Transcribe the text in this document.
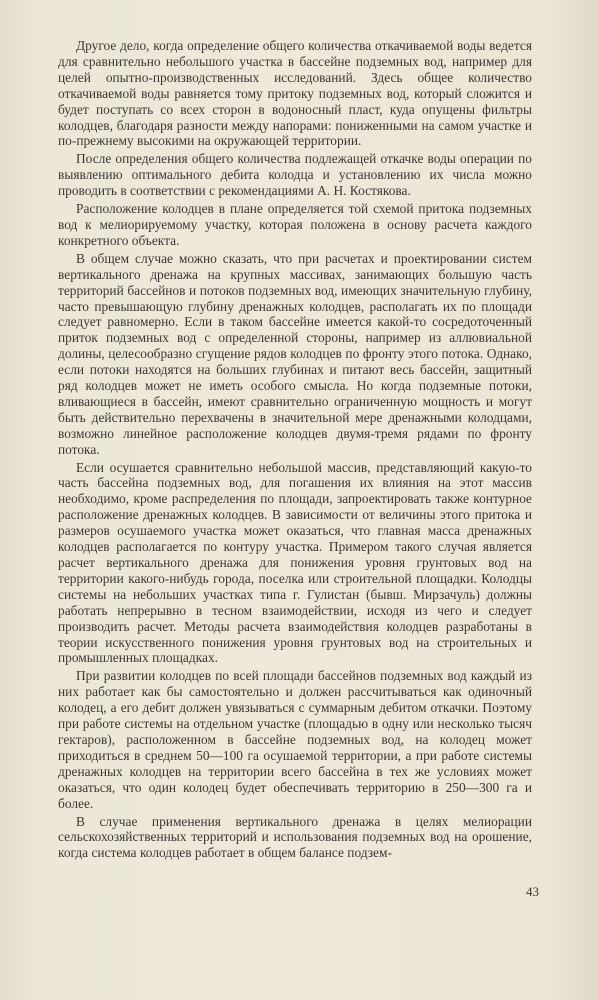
Другое дело, когда определение общего количества откачиваемой воды ведется для сравнительно небольшого участка в бассейне подземных вод, например для целей опытно-производственных исследований. Здесь общее количество откачиваемой воды равняется тому притоку подземных вод, который сложится и будет поступать со всех сторон в водоносный пласт, куда опущены фильтры колодцев, благодаря разности между напорами: пониженными на самом участке и по-прежнему высокими на окружающей территории.

После определения общего количества подлежащей откачке воды операции по выявлению оптимального дебита колодца и установлению их числа можно проводить в соответствии с рекомендациями А. Н. Костякова.

Расположение колодцев в плане определяется той схемой притока подземных вод к мелиорируемому участку, которая положена в основу расчета каждого конкретного объекта.

В общем случае можно сказать, что при расчетах и проектировании систем вертикального дренажа на крупных массивах, занимающих большую часть территорий бассейнов и потоков подземных вод, имеющих значительную глубину, часто превышающую глубину дренажных колодцев, располагать их по площади следует равномерно. Если в таком бассейне имеется какой-то сосредоточенный приток подземных вод с определенной стороны, например из аллювиальной долины, целесообразно сгущение рядов колодцев по фронту этого потока. Однако, если потоки находятся на больших глубинах и питают весь бассейн, защитный ряд колодцев может не иметь особого смысла. Но когда подземные потоки, вливающиеся в бассейн, имеют сравнительно ограниченную мощность и могут быть действительно перехвачены в значительной мере дренажными колодцами, возможно линейное расположение колодцев двумя-тремя рядами по фронту потока.

Если осушается сравнительно небольшой массив, представляющий какую-то часть бассейна подземных вод, для погашения их влияния на этот массив необходимо, кроме распределения по площади, запроектировать также контурное расположение дренажных колодцев. В зависимости от величины этого притока и размеров осушаемого участка может оказаться, что главная масса дренажных колодцев располагается по контуру участка. Примером такого случая является расчет вертикального дренажа для понижения уровня грунтовых вод на территории какого-нибудь города, поселка или строительной площадки. Колодцы системы на небольших участках типа г. Гулистан (бывш. Мирзачуль) должны работать непрерывно в тесном взаимодействии, исходя из чего и следует производить расчет. Методы расчета взаимодействия колодцев разработаны в теории искусственного понижения уровня грунтовых вод на строительных и промышленных площадках.

При развитии колодцев по всей площади бассейнов подземных вод каждый из них работает как бы самостоятельно и должен рассчитываться как одиночный колодец, а его дебит должен увязываться с суммарным дебитом откачки. Поэтому при работе системы на отдельном участке (площадью в одну или несколько тысяч гектаров), расположенном в бассейне подземных вод, на колодец может приходиться в среднем 50—100 га осушаемой территории, а при работе системы дренажных колодцев на территории всего бассейна в тех же условиях может оказаться, что один колодец будет обеспечивать территорию в 250—300 га и более.

В случае применения вертикального дренажа в целях мелиорации сельскохозяйственных территорий и использования подземных вод на орошение, когда система колодцев работает в общем балансе подзем-

43
